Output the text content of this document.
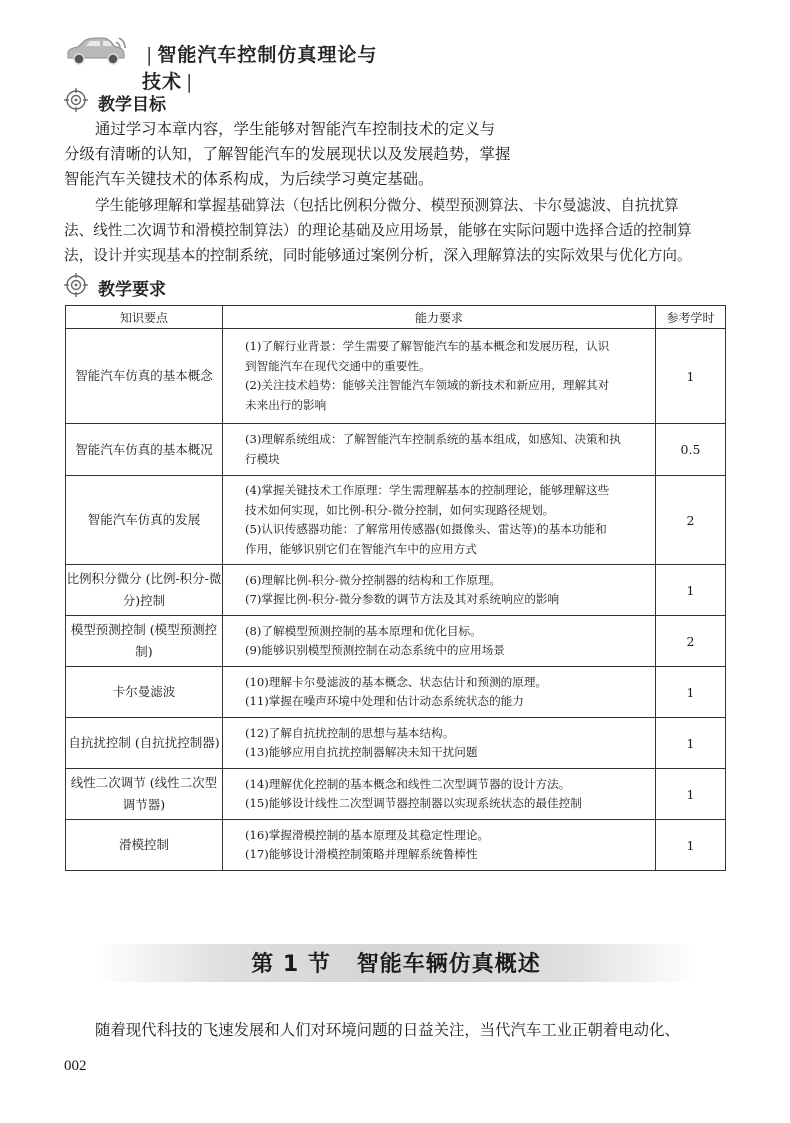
| 智能汽车控制仿真理论与技术 |
教学目标
通过学习本章内容，学生能够对智能汽车控制技术的定义与
分级有清晰的认知，了解智能汽车的发展现状以及发展趋势，掌握
智能汽车关键技术的体系构成，为后续学习奠定基础。
学生能够理解和掌握基础算法（包括比例积分微分、模型预测算法、卡尔曼滤波、自抗扰算
法、线性二次调节和滑模控制算法）的理论基础及应用场景，能够在实际问题中选择合适的控制算
法，设计并实现基本的控制系统，同时能够通过案例分析，深入理解算法的实际效果与优化方向。
教学要求
知识要点	能力要求	参考学时
智能汽车仿真的基本概念	(1)了解行业背景：学生需要了解智能汽车的基本概念和发展历程，认识
到智能汽车在现代交通中的重要性。
(2)关注技术趋势：能够关注智能汽车领域的新技术和新应用，理解其对
未来出行的影响	1
智能汽车仿真的基本概况	(3)理解系统组成：了解智能汽车控制系统的基本组成，如感知、决策和执
行模块	0.5
智能汽车仿真的发展	(4)掌握关键技术工作原理：学生需理解基本的控制理论，能够理解这些
技术如何实现，如比例-积分-微分控制，如何实现路径规划。
(5)认识传感器功能：了解常用传感器(如摄像头、雷达等)的基本功能和
作用，能够识别它们在智能汽车中的应用方式	2
比例积分微分 (比例-积分-微分)控制	(6)理解比例-积分-微分控制器的结构和工作原理。
(7)掌握比例-积分-微分参数的调节方法及其对系统响应的影响	1
模型预测控制 (模型预测控制)	(8)了解模型预测控制的基本原理和优化目标。
(9)能够识别模型预测控制在动态系统中的应用场景	2
卡尔曼滤波	(10)理解卡尔曼滤波的基本概念、状态估计和预测的原理。
(11)掌握在噪声环境中处理和估计动态系统状态的能力	1
自抗扰控制 (自抗扰控制器)	(12)了解自抗扰控制的思想与基本结构。
(13)能够应用自抗扰控制器解决未知干扰问题	1
线性二次调节 (线性二次型调节器)	(14)理解优化控制的基本概念和线性二次型调节器的设计方法。
(15)能够设计线性二次型调节器控制器以实现系统状态的最佳控制	1
滑模控制	(16)掌握滑模控制的基本原理及其稳定性理论。
(17)能够设计滑模控制策略并理解系统鲁棒性	1
第 1 节   智能车辆仿真概述
随着现代科技的飞速发展和人们对环境问题的日益关注，当代汽车工业正朝着电动化、
002
